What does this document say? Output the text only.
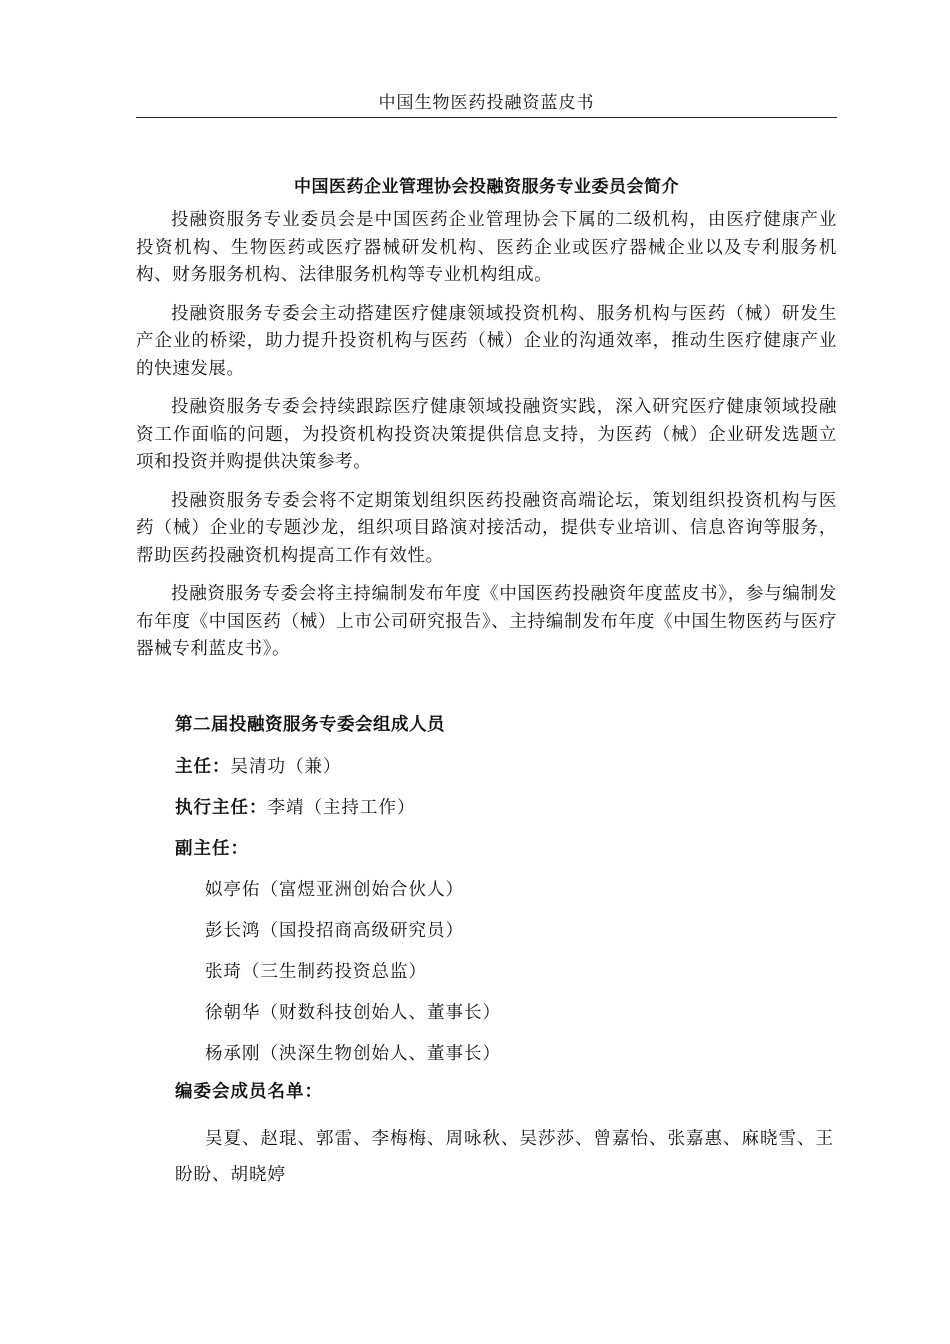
中国生物医药投融资蓝皮书
中国医药企业管理协会投融资服务专业委员会简介

投融资服务专业委员会是中国医药企业管理协会下属的二级机构，由医疗健康产业投资机构、生物医药或医疗器械研发机构、医药企业或医疗器械企业以及专利服务机构、财务服务机构、法律服务机构等专业机构组成。

投融资服务专委会主动搭建医疗健康领域投资机构、服务机构与医药（械）研发生产企业的桥梁，助力提升投资机构与医药（械）企业的沟通效率，推动生医疗健康产业的快速发展。

投融资服务专委会持续跟踪医疗健康领域投融资实践，深入研究医疗健康领域投融资工作面临的问题，为投资机构投资决策提供信息支持，为医药（械）企业研发选题立项和投资并购提供决策参考。

投融资服务专委会将不定期策划组织医药投融资高端论坛，策划组织投资机构与医药（械）企业的专题沙龙，组织项目路演对接活动，提供专业培训、信息咨询等服务，帮助医药投融资机构提高工作有效性。

投融资服务专委会将主持编制发布年度《中国医药投融资年度蓝皮书》，参与编制发布年度《中国医药（械）上市公司研究报告》、主持编制发布年度《中国生物医药与医疗器械专利蓝皮书》。

第二届投融资服务专委会组成人员
主任：吴清功（兼）
执行主任：李靖（主持工作）
副主任：
姒亭佑（富煜亚洲创始合伙人）
彭长鸿（国投招商高级研究员）
张琦（三生制药投资总监）
徐朝华（财数科技创始人、董事长）
杨承刚（泱深生物创始人、董事长）
编委会成员名单：

吴夏、赵琨、郭雷、李梅梅、周咏秋、吴莎莎、曾嘉怡、张嘉惠、麻晓雪、王盼盼、胡晓婷
